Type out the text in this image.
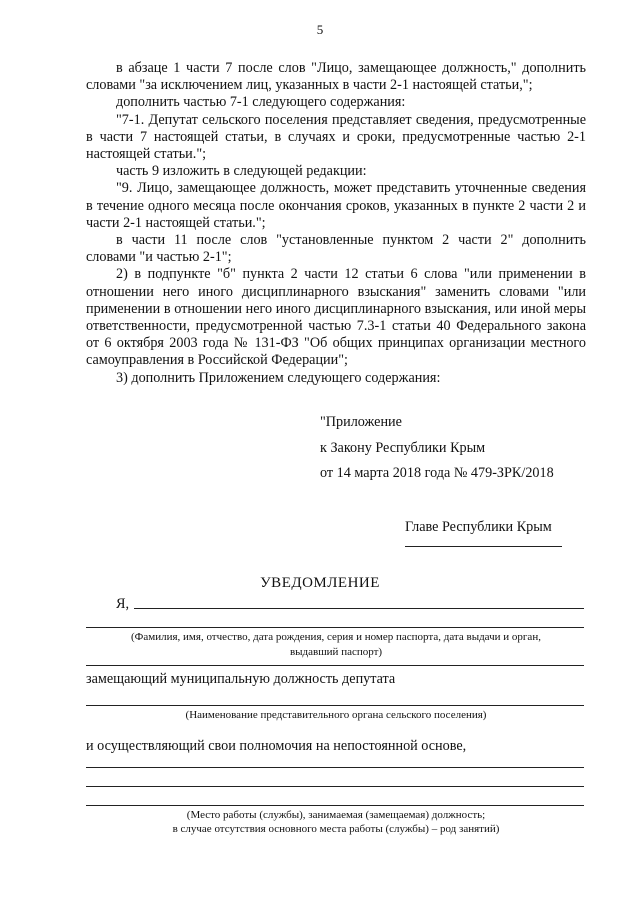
5

в абзаце 1 части 7 после слов "Лицо, замещающее должность," дополнить словами "за исключением лиц, указанных в части 2-1 настоящей статьи,";

дополнить частью 7-1 следующего содержания:

"7-1. Депутат сельского поселения представляет сведения, предусмотренные в части 7 настоящей статьи, в случаях и сроки, предусмотренные частью 2-1 настоящей статьи.";

часть 9 изложить в следующей редакции:

"9. Лицо, замещающее должность, может представить уточненные сведения в течение одного месяца после окончания сроков, указанных в пункте 2 части 2 и части 2-1 настоящей статьи.";

в части 11 после слов "установленные пунктом 2 части 2" дополнить словами "и частью 2-1";

2) в подпункте "б" пункта 2 части 12 статьи 6 слова "или применении в отношении него иного дисциплинарного взыскания" заменить словами "или применении в отношении него иного дисциплинарного взыскания, или иной меры ответственности, предусмотренной частью 7.3-1 статьи 40 Федерального закона от 6 октября 2003 года № 131-ФЗ "Об общих принципах организации местного самоуправления в Российской Федерации";

3) дополнить Приложением следующего содержания:

"Приложение
к Закону Республики Крым
от 14 марта 2018 года № 479-ЗРК/2018
Главе Республики Крым
УВЕДОМЛЕНИЕ
Я,
(Фамилия, имя, отчество, дата рождения, серия и номер паспорта, дата выдачи и орган,
выдавший паспорт)
замещающий муниципальную должность депутата
(Наименование представительного органа сельского поселения)
и осуществляющий свои полномочия на непостоянной основе,
(Место работы (службы), занимаемая (замещаемая) должность;
в случае отсутствия основного места работы (службы) – род занятий)
